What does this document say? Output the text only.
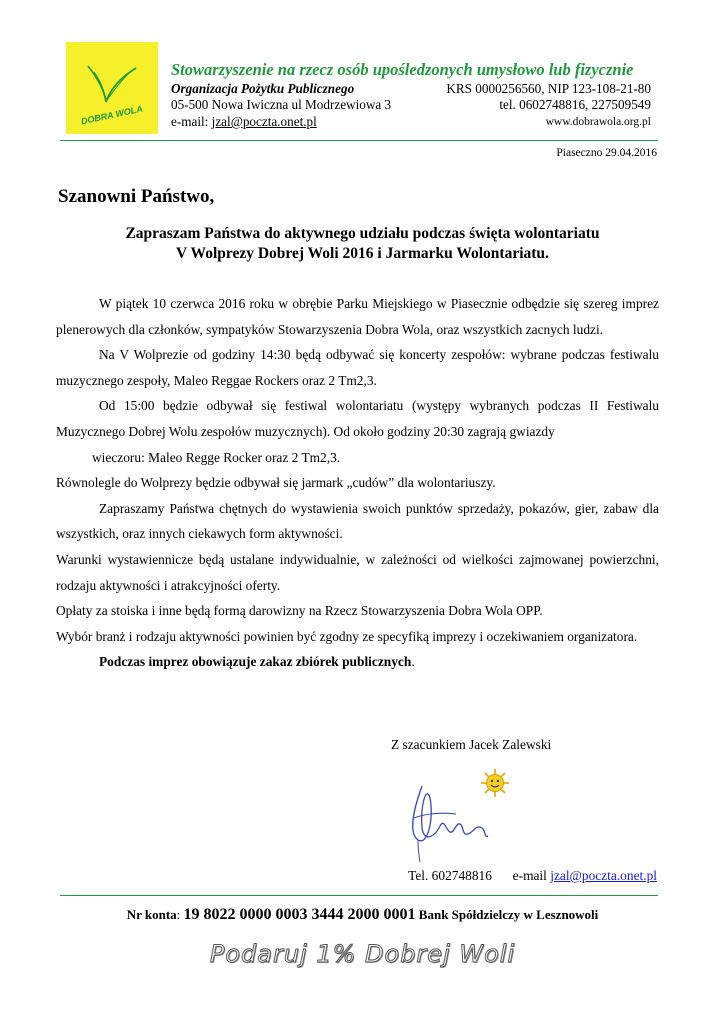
DOBRA WOLA
Stowarzyszenie na rzecz osób upośledzonych umysłowo lub fizycznie
Organizacja Pożytku Publicznego	KRS 0000256560, NIP 123-108-21-80
05-500 Nowa Iwiczna ul Modrzewiowa 3	tel. 0602748816, 227509549
e-mail: jzal@poczta.onet.pl	www.dobrawola.org.pl
Piaseczno 29.04.2016
Szanowni Państwo,
Zapraszam Państwa do aktywnego udziału podczas święta wolontariatu
V Wolprezy Dobrej Woli 2016 i Jarmarku Wolontariatu.

W piątek 10 czerwca 2016 roku w obrębie Parku Miejskiego w Piasecznie odbędzie się szereg imprez plenerowych dla członków, sympatyków Stowarzyszenia Dobra Wola, oraz wszystkich zacnych ludzi.

Na V Wolprezie od godziny 14:30 będą odbywać się koncerty zespołów: wybrane podczas festiwalu muzycznego zespoły, Maleo Reggae Rockers oraz 2 Tm2,3.

Od 15:00 będzie odbywał się festiwal wolontariatu (występy wybranych podczas II Festiwalu Muzycznego Dobrej Wolu zespołów muzycznych). Od około godziny 20:30 zagrają gwiazdy

wieczoru: Maleo Regge Rocker oraz 2 Tm2,3.

Równolegle do Wolprezy będzie odbywał się jarmark „cudów” dla wolontariuszy.

Zapraszamy Państwa chętnych do wystawienia swoich punktów sprzedaży, pokazów, gier, zabaw dla wszystkich, oraz innych ciekawych form aktywności.

Warunki wystawiennicze będą ustalane indywidualnie, w zależności od wielkości zajmowanej powierzchni, rodzaju aktywności i atrakcyjności oferty.

Opłaty za stoiska i inne będą formą darowizny na Rzecz Stowarzyszenia Dobra Wola OPP.

Wybór branż i rodzaju aktywności powinien być zgodny ze specyfiką imprezy i oczekiwaniem organizatora.

Podczas imprez obowiązuje zakaz zbiórek publicznych.

Z szacunkiem Jacek Zalewski
Tel. 602748816 e-mail jzal@poczta.onet.pl
Nr konta: 19 8022 0000 0003 3444 2000 0001 Bank Spółdzielczy w Lesznowoli
Podaruj 1% Dobrej Woli
